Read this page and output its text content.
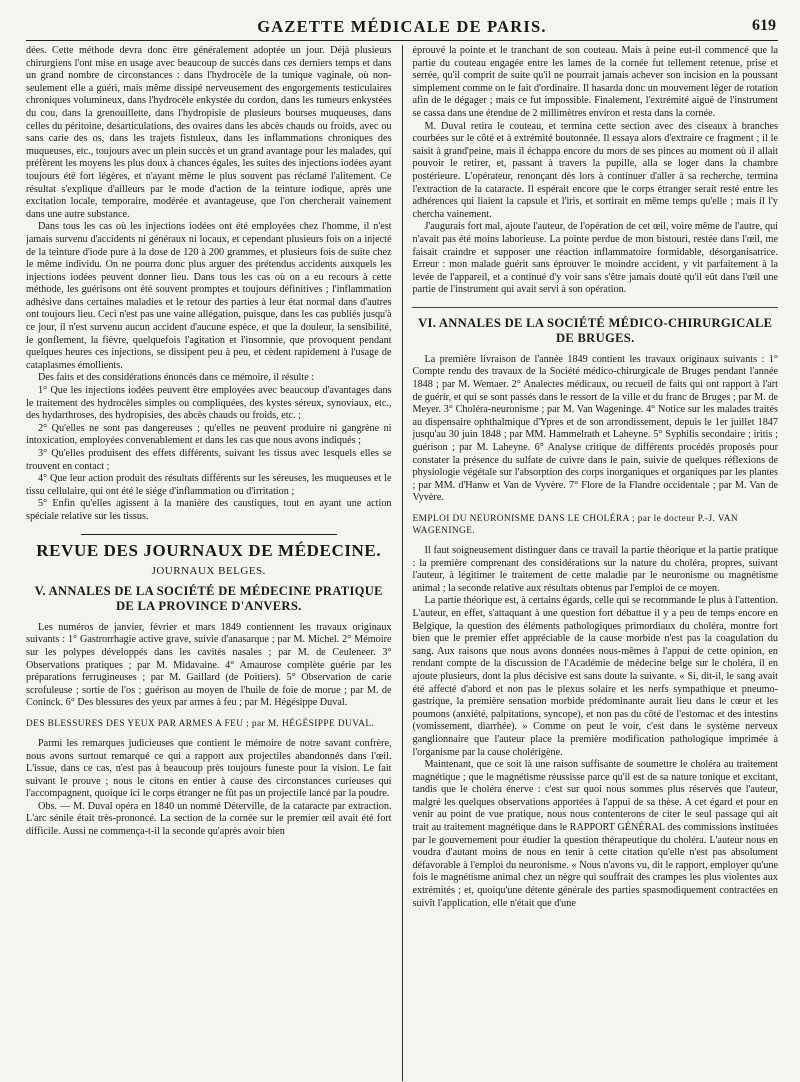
GAZETTE MÉDICALE DE PARIS.	619

dées. Cette méthode devra donc être généralement adoptée un jour. Déjà plusieurs chirurgiens l'ont mise en usage avec beaucoup de succès dans ces derniers temps et dans un grand nombre de circonstances : dans l'hydrocèle de la tunique vaginale, où non-seulement elle a guéri, mais même dissipé nerveusement des engorgements testiculaires chroniques volumineux, dans l'hydrocèle enkystée du cordon, dans les tumeurs enkystées du cou, dans la grenouillette, dans l'hydropisie de plusieurs bourses muqueuses, dans celles du péritoine, desarticulations, des ovaires dans les abcès chauds ou froids, avec ou sans carie des os, dans les trajets fistuleux, dans les inflammations chroniques des muqueuses, etc., toujours avec un plein succès et un grand avantage pour les malades, qui préfèrent les moyens les plus doux à chances égales, les suites des injections iodées ayant toujours été fort légères, et n'ayant même le plus souvent pas réclamé l'alitement. Ce résultat s'explique d'ailleurs par le mode d'action de la teinture iodique, après une excitation locale, temporaire, modérée et avantageuse, que l'on chercherait vainement dans une autre substance.

Dans tous les cas où les injections iodées ont été employées chez l'homme, il n'est jamais survenu d'accidents ni généraux ni locaux, et cependant plusieurs fois on a injecté de la teinture d'iode pure à la dose de 120 à 200 grammes, et plusieurs fois de suite chez le même individu. On ne pourra donc plus arguer des prétendus accidents auxquels les injections iodées peuvent donner lieu. Dans tous les cas où on a eu recours à cette méthode, les guérisons ont été souvent promptes et toujours définitives ; l'inflammation adhésive dans certaines maladies et le retour des parties à leur état normal dans d'autres ont toujours lieu. Ceci n'est pas une vaine allégation, puisque, dans les cas publiés jusqu'à ce jour, il n'est survenu aucun accident d'aucune espèce, et que la douleur, la sensibilité, le gonflement, la fièvre, quelquefois l'agitation et l'insomnie, que provoquent pendant quelques heures ces injections, se dissipent peu à peu, et cèdent rapidement à l'usage de cataplasmes émollients.

Des faits et des considérations énoncés dans ce mémoire, il résulte :

1° Que les injections iodées peuvent être employées avec beaucoup d'avantages dans le traitement des hydrocèles simples ou compliquées, des kystes séreux, synoviaux, etc., des hydarthroses, des hydropisies, des abcès chauds ou froids, etc. ;

2° Qu'elles ne sont pas dangereuses ; qu'elles ne peuvent produire ni gangrène ni intoxication, employées convenablement et dans les cas que nous avons indiqués ;

3° Qu'elles produisent des effets différents, suivant les tissus avec lesquels elles se trouvent en contact ;

4° Que leur action produit des résultats différents sur les séreuses, les muqueuses et le tissu cellulaire, qui ont été le siége d'inflammation ou d'irritation ;

5° Enfin qu'elles agissent à la manière des caustiques, tout en ayant une action spéciale relative sur les tissus.

REVUE DES JOURNAUX DE MÉDECINE.
JOURNAUX BELGES.
V. ANNALES DE LA SOCIÉTÉ DE MÉDECINE PRATIQUE DE LA PROVINCE D'ANVERS.

Les numéros de janvier, février et mars 1849 contiennent les travaux originaux suivants : 1° Gastrorrhagie active grave, suivie d'anasarque ; par M. Michel. 2° Mémoire sur les polypes développés dans les cavités nasales ; par M. de Ceuleneer. 3° Observations pratiques ; par M. Midavaine. 4° Amaurose complète guérie par les préparations ferrugineuses ; par M. Gaillard (de Poitiers). 5° Observation de carie scrofuleuse ; sortie de l'os ; guérison au moyen de l'huile de foie de morue ; par M. de Coninck. 6° Des blessures des yeux par armes à feu ; par M. Hégésippe Duval.

DES BLESSURES DES YEUX PAR ARMES A FEU ; par M. HÉGÉSIPPE DUVAL.

Parmi les remarques judicieuses que contient le mémoire de notre savant confrère, nous avons surtout remarqué ce qui a rapport aux projectiles abandonnés dans l'œil. L'issue, dans ce cas, n'est pas à beaucoup près toujours funeste pour la vision. Le fait suivant le prouve ; nous le citons en entier à cause des circonstances curieuses qui l'accompagnent, quoique ici le corps étranger ne fût pas un projectile lancé par la poudre.

Obs. — M. Duval opéra en 1840 un nommé Déterville, de la cataracte par extraction. L'arc sénile était très-prononcé. La section de la cornée sur le premier œil avait été fort difficile. Aussi ne commença-t-il la seconde qu'après avoir bien

éprouvé la pointe et le tranchant de son couteau. Mais à peine eut-il commencé que la partie du couteau engagée entre les lames de la cornée fut tellement retenue, prise et serrée, qu'il comprit de suite qu'il ne pourrait jamais achever son incision en la poussant simplement comme on le fait d'ordinaire. Il hasarda donc un mouvement léger de rotation afin de le dégager ; mais ce fut impossible. Finalement, l'extrémité aiguë de l'instrument se cassa dans une étendue de 2 millimètres environ et resta dans la cornée.

M. Duval retira le couteau, et termina cette section avec des ciseaux à branches courbées sur le côté et à extrémité boutonnée. Il essaya alors d'extraire ce fragment ; il le saisit à grand'peine, mais il échappa encore du mors de ses pinces au moment où il allait pouvoir le retirer, et, passant à travers la pupille, alla se loger dans la chambre postérieure. L'opérateur, renonçant dès lors à continuer d'aller à sa recherche, termina l'extraction de la cataracte. Il espérait encore que le corps étranger serait resté entre les adhérences qui liaient la capsule et l'iris, et sortirait en même temps qu'elle ; mais il l'y chercha vainement.

J'augurais fort mal, ajoute l'auteur, de l'opération de cet œil, voire même de l'autre, qui n'avait pas été moins laborieuse. La pointe perdue de mon bistouri, restée dans l'œil, me faisait craindre et supposer une réaction inflammatoire formidable, désorganisatrice. Erreur : mon malade guérit sans éprouver le moindre accident, y vit parfaitement à la levée de l'appareil, et a continué d'y voir sans s'être jamais douté qu'il eût dans l'œil une partie de l'instrument qui avait servi à son opération.

VI. ANNALES DE LA SOCIÉTÉ MÉDICO-CHIRURGICALE DE BRUGES.

La première livraison de l'année 1849 contient les travaux originaux suivants : 1° Compte rendu des travaux de la Société médico-chirurgicale de Bruges pendant l'année 1848 ; par M. Wemaer. 2° Analectes médicaux, ou recueil de faits qui ont rapport à l'art de guérir, et qui se sont passés dans le ressort de la ville et du franc de Bruges ; par M. de Meyer. 3° Choléra-neuronisme ; par M. Van Wageninge. 4° Notice sur les malades traités au dispensaire ophthalmique d'Ypres et de son arrondissement, depuis le 1er juillet 1847 jusqu'au 30 juin 1848 ; par MM. Hammelrath et Laheyne. 5° Syphilis secondaire ; iritis ; guérison ; par M. Laheyne. 6° Analyse critique de différents procédés proposés pour constater la présence du sulfate de cuivre dans le pain, suivie de quelques réflexions de physiologie végétale sur l'absorption des corps inorganiques et organiques par les plantes ; par MM. d'Hanw et Van de Vyvère. 7° Flore de la Flandre occidentale ; par M. Van de Vyvère.

EMPLOI DU NEURONISME DANS LE CHOLÉRA ; par le docteur P.-J. VAN WAGENINGE.

Il faut soigneusement distinguer dans ce travail la partie théorique et la partie pratique : la première comprenant des considérations sur la nature du choléra, propres, suivant l'auteur, à légitimer le traitement de cette maladie par le neuronisme ou magnétisme animal ; la seconde relative aux résultats obtenus par l'emploi de ce moyen.

La partie théorique est, à certains égards, celle qui se recommande le plus à l'attention. L'auteur, en effet, s'attaquant à une question fort débattue il y a peu de temps encore en Belgique, la question des éléments pathologiques primordiaux du choléra, montre fort bien que le premier effet appréciable de la cause morbide n'est pas la coagulation du sang. Aux raisons que nous avons données nous-mêmes à l'appui de cette opinion, en rendant compte de la discussion de l'Académie de médecine belge sur le choléra, il en ajoute plusieurs, dont la plus décisive est sans doute la suivante. « Si, dit-il, le sang avait été affecté d'abord et non pas le plexus solaire et les nerfs sympathique et pneumo-gastrique, la première sensation morbide prédominante aurait lieu dans le cœur et les poumons (anxiété, palpitations, syncope), et non pas du côté de l'estomac et des intestins (vomissement, diarrhée). » Comme on peut le voir, c'est dans le système nerveux ganglionnaire que l'auteur place la première modification pathologique imprimée à l'organisme par la cause cholérigène.

Maintenant, que ce soit là une raison suffisante de soumettre le choléra au traitement magnétique ; que le magnétisme réussisse parce qu'il est de sa nature tonique et excitant, tandis que le choléra énerve : c'est sur quoi nous sommes plus réservés que l'auteur, malgré les quelques observations apportées à l'appui de sa thèse. A cet égard et pour en venir au point de vue pratique, nous nous contenterons de citer le seul passage qui ait trait au traitement magnétique dans le RAPPORT GÉNÉRAL des commissions instituées par le gouvernement pour étudier la question thérapeutique du choléra. L'auteur nous en voudra d'autant moins de nous en tenir à cette citation qu'elle n'est pas absolument défavorable à l'emploi du neuronisme. « Nous n'avons vu, dit le rapport, employer qu'une fois le magnétisme animal chez un nègre qui souffrait des crampes les plus violentes aux extrémités ; et, quoiqu'une détente générale des parties spasmodiquement contractées en suivît l'application, elle n'était que d'une
